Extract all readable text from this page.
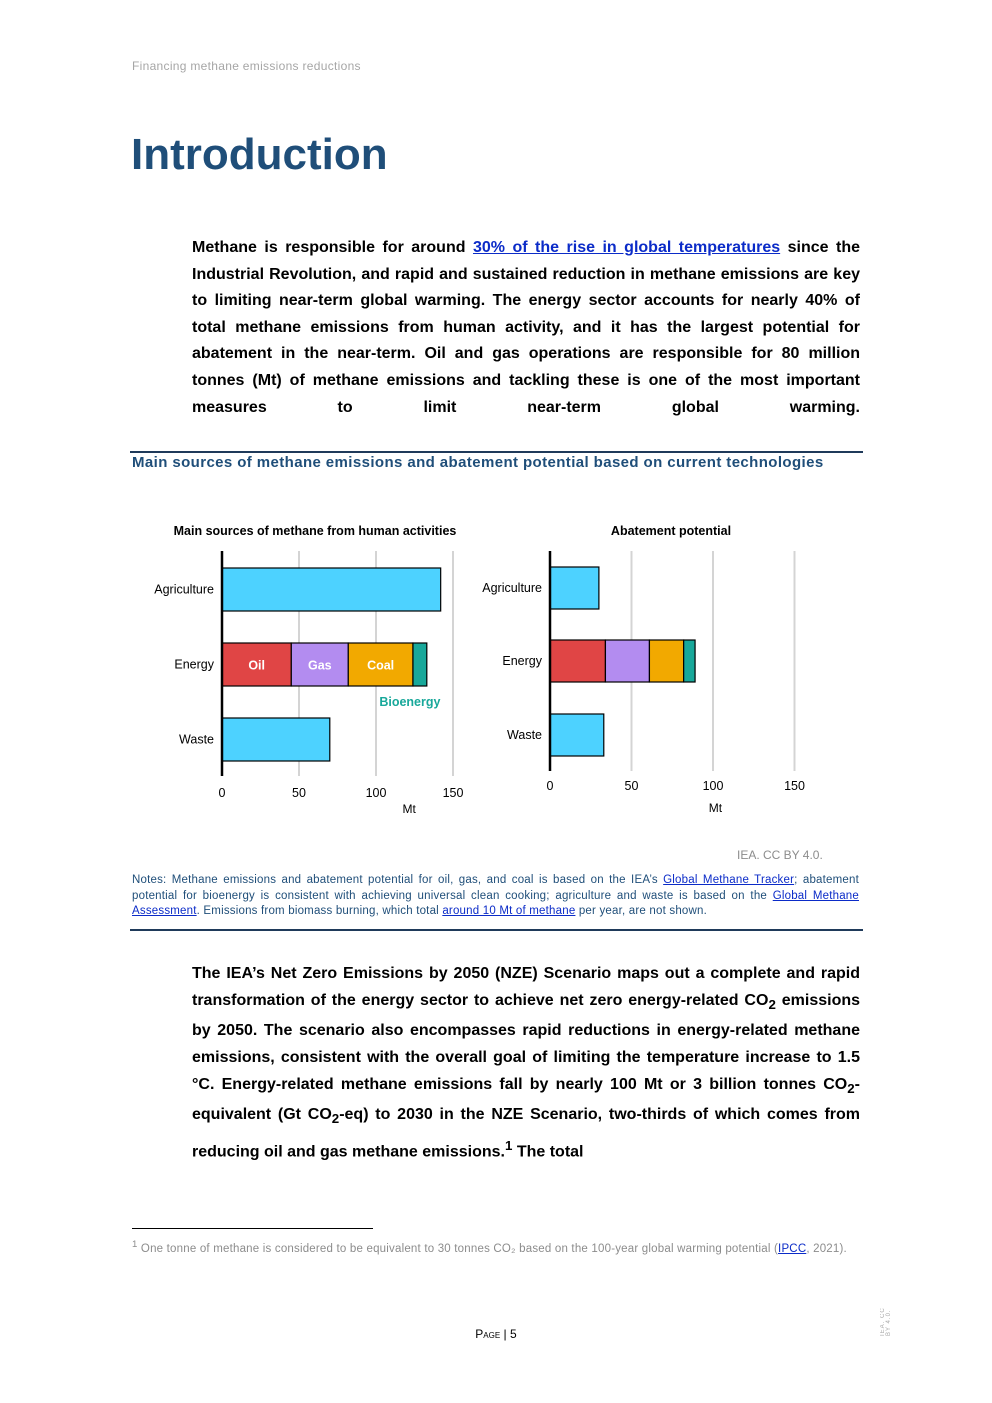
Financing methane emissions reductions
Introduction

Methane is responsible for around 30% of the rise in global temperatures since the Industrial Revolution, and rapid and sustained reduction in methane emissions are key to limiting near-term global warming. The energy sector accounts for nearly 40% of total methane emissions from human activity, and it has the largest potential for abatement in the near-term. Oil and gas operations are responsible for 80 million tonnes (Mt) of methane emissions and tackling these is one of the most important measures to limit near-term global warming.

Main sources of methane emissions and abatement potential based on current technologies
Main sources of methane from human activities
Agriculture
Oil	Gas	Coal
Bioenergy
Energy
Waste
0	50	100	150
Mt
Abatement potential
Agriculture
Energy
Waste
0	50	100	150
Mt
IEA. CC BY 4.0.

Notes: Methane emissions and abatement potential for oil, gas, and coal is based on the IEA’s Global Methane Tracker; abatement potential for bioenergy is consistent with achieving universal clean cooking; agriculture and waste is based on the Global Methane Assessment. Emissions from biomass burning, which total around 10 Mt of methane per year, are not shown.

The IEA’s Net Zero Emissions by 2050 (NZE) Scenario maps out a complete and rapid transformation of the energy sector to achieve net zero energy-related $CO_2$ emissions by 2050. The scenario also encompasses rapid reductions in energy-related methane emissions, consistent with the overall goal of limiting the temperature increase to 1.5 °C. Energy-related methane emissions fall by nearly 100 Mt or 3 billion tonnes $CO_2$-equivalent (Gt $CO_2-eq$) to 2030 in the NZE Scenario, two-thirds of which comes from reducing oil and gas methane emissions.$^1$ The total

$^1$ One tonne of methane is considered to be equivalent to 30 tonnes CO₂ based on the 100-year global warming potential (IPCC, 2021).

Page | 5	IEA. CC BY 4.0.
